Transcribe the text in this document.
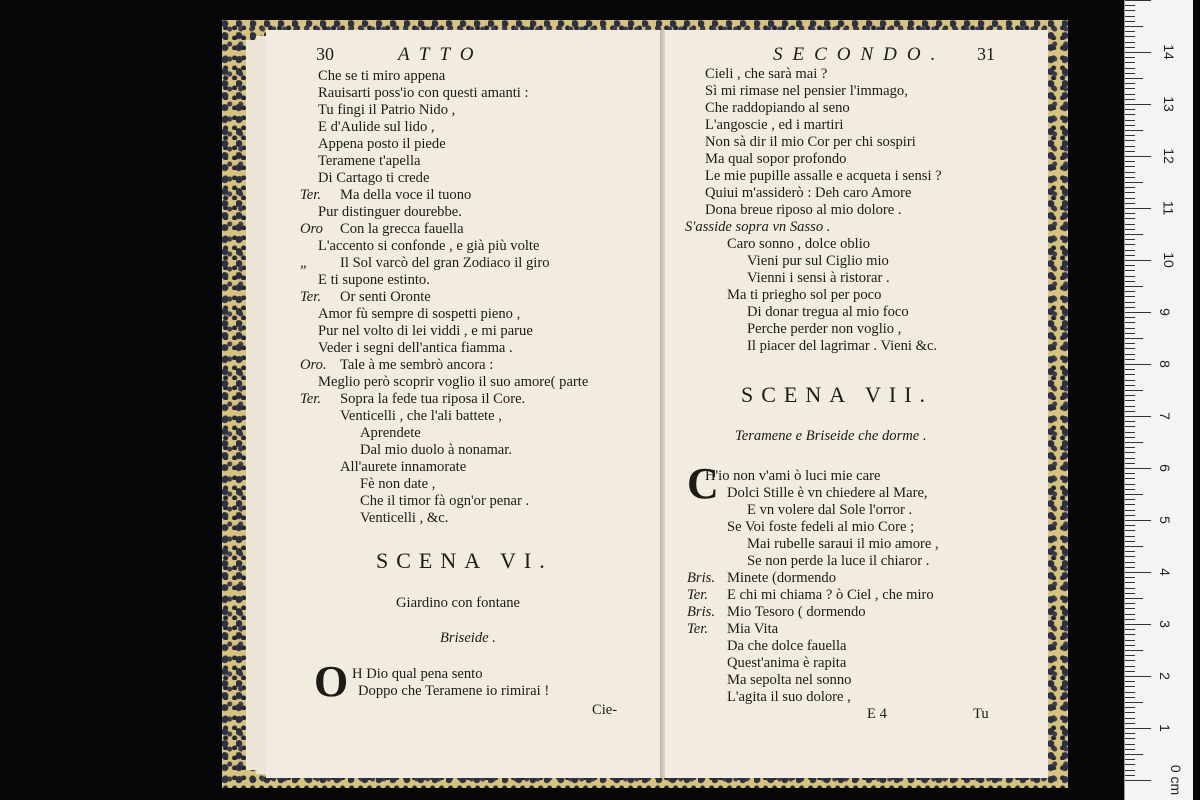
30	ATTO
Che se ti miro appena
Rauisarti poss'io con questi amanti :
Tu fingi il Patrio Nido ,
E d'Aulide sul lido ,
Appena posto il piede
Teramene t'apella
Di Cartago ti crede
Ter. Ma della voce il tuono
Pur distinguer dourebbe.
Oro Con la grecca fauella
L'accento si confonde , e già più volte
„ Il Sol varcò del gran Zodiaco il giro
E ti supone estinto.
Ter. Or senti Oronte
Amor fù sempre di sospetti pieno ,
Pur nel volto di lei viddi , e mi parue
Veder i segni dell'antica fiamma .
Oro. Tale à me sembrò ancora :
Meglio però scoprir voglio il suo amore( parte
Ter. Sopra la fede tua riposa il Core.
Venticelli , che l'ali battete ,
Aprendete
Dal mio duolo à nonamar.
All'aurete innamorate
Fè non date ,
Che il timor fà ogn'or penar .
Venticelli , &c.
SCENA VI.
Giardino con fontane
Briseide .
O H Dio qual pena sento
Doppo che Teramene io rimirai !
Cie-
SECONDO. 31
Cieli , che sarà mai ?
Sì mi rimase nel pensier l'immago,
Che raddopiando al seno
L'angoscie , ed i martiri
Non sà dir il mio Cor per chi sospiri
Ma qual sopor profondo
Le mie pupille assalle e acqueta i sensi ?
Quiui m'assiderò : Deh caro Amore
Dona breue riposo al mio dolore .
S'asside sopra vn Sasso .
Caro sonno , dolce oblio
Vieni pur sul Ciglio mio
Vienni i sensi à ristorar .
Ma ti priegho sol per poco
Di donar tregua al mio foco
Perche perder non voglio ,
Il piacer del lagrimar . Vieni &c.
SCENA VII.
Teramene e Briseide che dorme .
C
H'io non v'ami ò luci mie care
Dolci Stille è vn chiedere al Mare,
E vn volere dal Sole l'orror .
Se Voi foste fedeli al mio Core ;
Mai rubelle saraui il mio amore ,
Se non perde la luce il chiaror .
Bris. Minete (dormendo
Ter. E chi mi chiama ? ò Ciel , che miro
Bris. Mio Tesoro ( dormendo
Ter. Mia Vita
Da che dolce fauella
Quest'anima è rapita
Ma sepolta nel sonno
L'agita il suo dolore ,
E 4	Tu
0 cm
1
2
3
4
5
6
7
8
9
10
11
12
13
14
